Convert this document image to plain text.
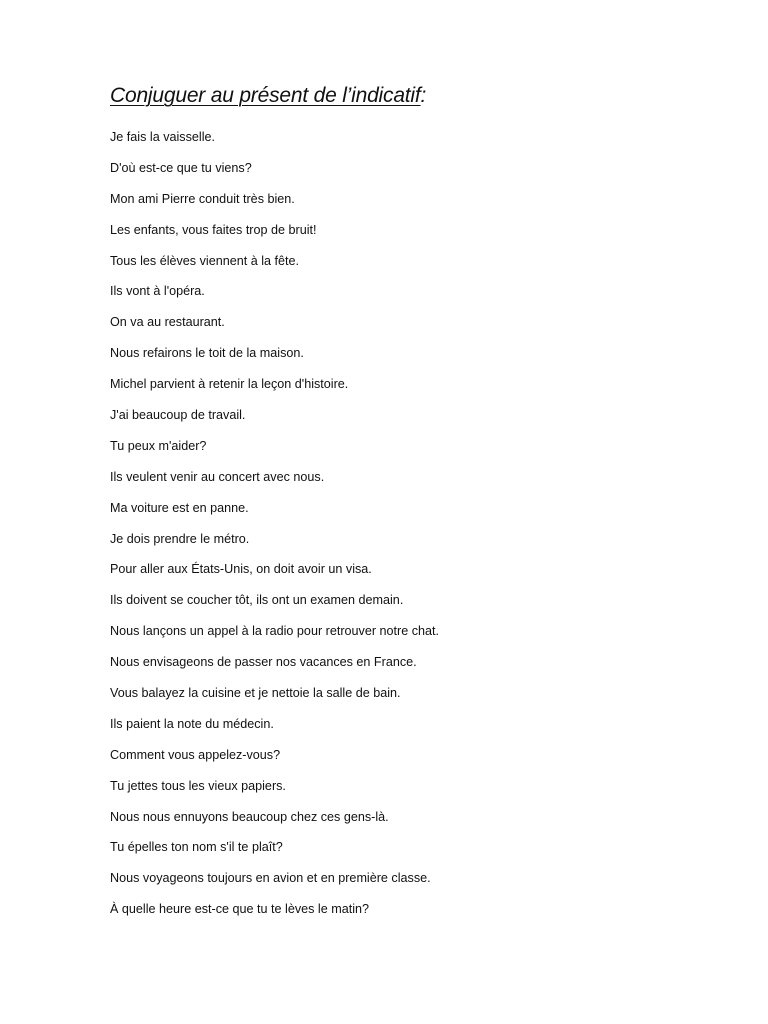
Conjuguer au présent de l’indicatif:
Je fais la vaisselle.
D'où est-ce que tu viens?
Mon ami Pierre conduit très bien.
Les enfants, vous faites trop de bruit!
Tous les élèves viennent à la fête.
Ils vont à l'opéra.
On va au restaurant.
Nous refairons le toit de la maison.
Michel parvient à retenir la leçon d'histoire.
J'ai beaucoup de travail.
Tu peux m'aider?
Ils veulent venir au concert avec nous.
Ma voiture est en panne.
Je dois prendre le métro.
Pour aller aux États-Unis, on doit avoir un visa.
Ils doivent se coucher tôt, ils ont un examen demain.
Nous lançons un appel à la radio pour retrouver notre chat.
Nous envisageons de passer nos vacances en France.
Vous balayez la cuisine et je nettoie la salle de bain.
Ils paient la note du médecin.
Comment vous appelez-vous?
Tu jettes tous les vieux papiers.
Nous nous ennuyons beaucoup chez ces gens-là.
Tu épelles ton nom s'il te plaît?
Nous voyageons toujours en avion et en première classe.
À quelle heure est-ce que tu te lèves le matin?
